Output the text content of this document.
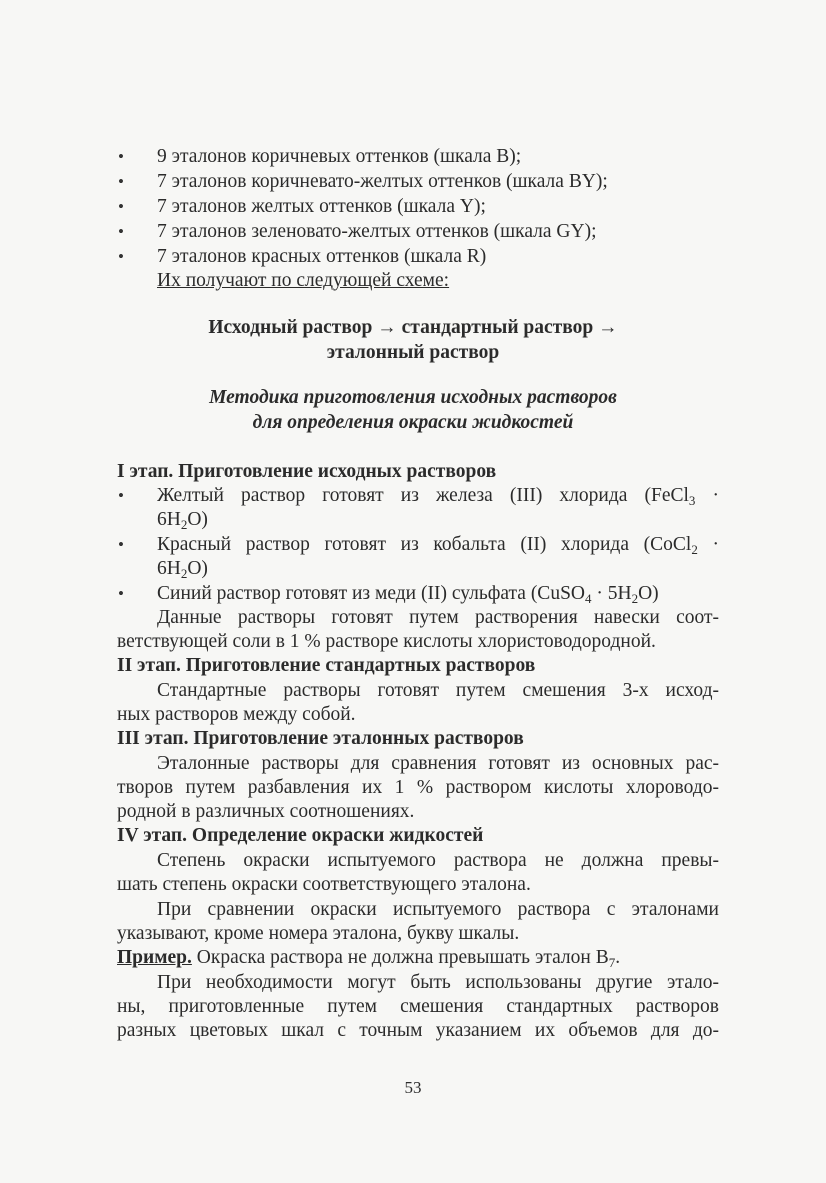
• 9 эталонов коричневых оттенков (шкала В);
• 7 эталонов коричневато-желтых оттенков (шкала BY);
• 7 эталонов желтых оттенков (шкала Y);
• 7 эталонов зеленовато-желтых оттенков (шкала GY);
• 7 эталонов красных оттенков (шкала R)
Их получают по следующей схеме:
Исходный раствор → стандартный раствор →
эталонный раствор
Методика приготовления исходных растворов
для определения окраски жидкостей
I этап. Приготовление исходных растворов
• Желтый раствор готовят из железа (III) хлорида (FeCl$_3$ ·
$6H_2O$)
• Красный раствор готовят из кобальта (II) хлорида (CoCl$_2$ ·
$6H_2O$)
• Синий раствор готовят из меди (II) сульфата (CuSO$_4$ · $5H_2O$)
Данные растворы готовят путем растворения навески соот-
ветствующей соли в 1 % растворе кислоты хлористоводородной.
II этап. Приготовление стандартных растворов
Стандартные растворы готовят путем смешения 3-х исход-
ных растворов между собой.
III этап. Приготовление эталонных растворов
Эталонные растворы для сравнения готовят из основных рас-
творов путем разбавления их 1 % раствором кислоты хлороводо-
родной в различных соотношениях.
IV этап. Определение окраски жидкостей
Степень окраски испытуемого раствора не должна превы-
шать степень окраски соответствующего эталона.
При сравнении окраски испытуемого раствора с эталонами
указывают, кроме номера эталона, букву шкалы.
Пример. Окраска раствора не должна превышать эталон $В_7$.
При необходимости могут быть использованы другие этало-
ны, приготовленные путем смешения стандартных растворов
разных цветовых шкал с точным указанием их объемов для до-
53
